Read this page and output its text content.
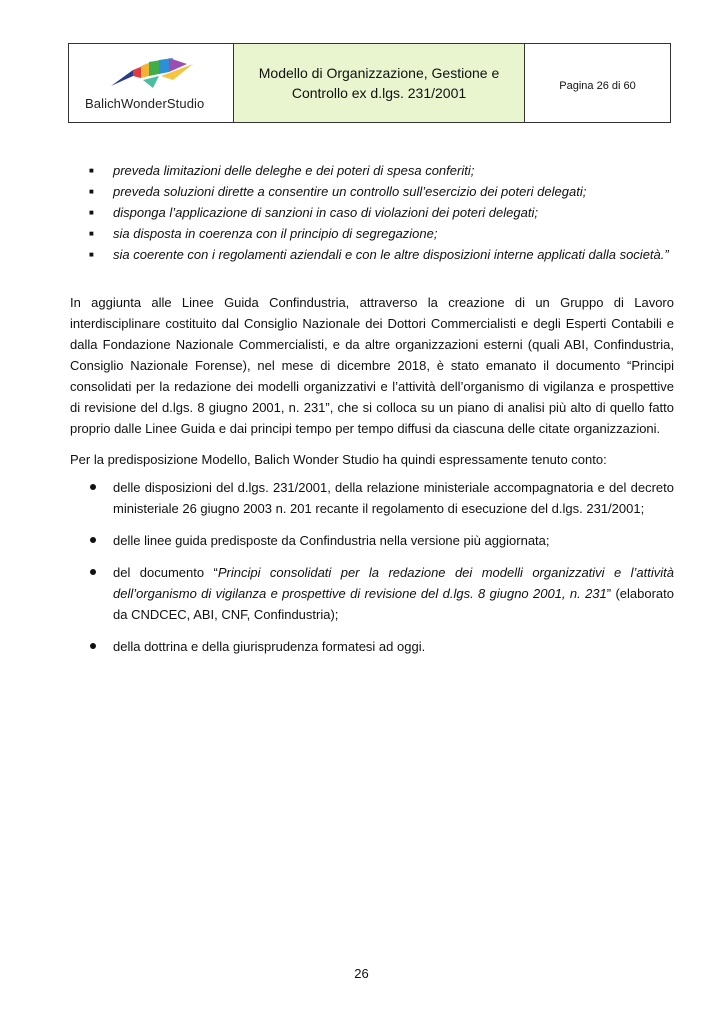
BalichWonderStudio
Modello di Organizzazione, Gestione e Controllo ex d.lgs. 231/2001	Pagina 26 di 60
■ preveda limitazioni delle deleghe e dei poteri di spesa conferiti;
■ preveda soluzioni dirette a consentire un controllo sull’esercizio dei poteri delegati;
■ disponga l’applicazione di sanzioni in caso di violazioni dei poteri delegati;
■ sia disposta in coerenza con il principio di segregazione;
■ sia coerente con i regolamenti aziendali e con le altre disposizioni interne applicati dalla società.”

In aggiunta alle Linee Guida Confindustria, attraverso la creazione di un Gruppo di Lavoro interdisciplinare costituito dal Consiglio Nazionale dei Dottori Commercialisti e degli Esperti Contabili e dalla Fondazione Nazionale Commercialisti, e da altre organizzazioni esterni (quali ABI, Confindustria, Consiglio Nazionale Forense), nel mese di dicembre 2018, è stato emanato il documento “Principi consolidati per la redazione dei modelli organizzativi e l’attività dell’organismo di vigilanza e prospettive di revisione del d.lgs. 8 giugno 2001, n. 231”, che si colloca su un piano di analisi più alto di quello fatto proprio dalle Linee Guida e dai principi tempo per tempo diffusi da ciascuna delle citate organizzazioni.

Per la predisposizione Modello, Balich Wonder Studio ha quindi espressamente tenuto conto:

delle disposizioni del d.lgs. 231/2001, della relazione ministeriale accompagnatoria e del decreto ministeriale 26 giugno 2003 n. 201 recante il regolamento di esecuzione del d.lgs. 231/2001;
delle linee guida predisposte da Confindustria nella versione più aggiornata;
del documento “Principi consolidati per la redazione dei modelli organizzativi e l’attività dell’organismo di vigilanza e prospettive di revisione del d.lgs. 8 giugno 2001, n. 231” (elaborato da CNDCEC, ABI, CNF, Confindustria);
della dottrina e della giurisprudenza formatesi ad oggi.
26
